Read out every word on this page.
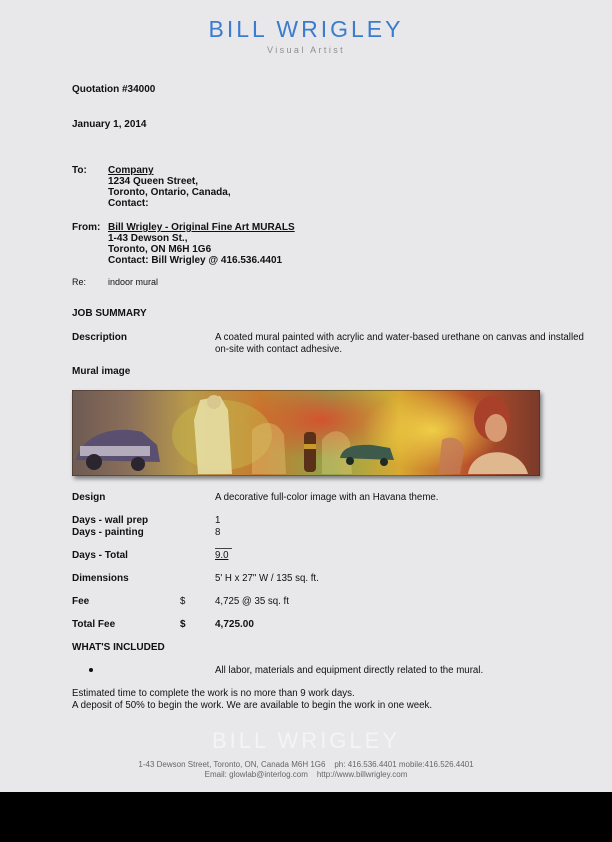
BILL WRIGLEY
Visual Artist
Quotation #34000
January 1, 2014
To: Company
1234 Queen Street,
Toronto, Ontario, Canada,
Contact:
From: Bill Wrigley - Original Fine Art MURALS
1-43 Dewson St.,
Toronto, ON M6H 1G6
Contact: Bill Wrigley @ 416.536.4401
Re: indoor mural
JOB SUMMARY
Description	A coated mural painted with acrylic and water-based urethane on canvas and installed
on-site with contact adhesive.
Mural image
Design	A decorative full-color image with an Havana theme.
Days - wall prep	1
Days - painting	8
Days - Total	9.0
Dimensions	5' H x 27" W / 135 sq. ft.
Fee	$	4,725 @ 35 sq. ft
Total Fee	$	4,725.00
WHAT'S INCLUDED
All labor, materials and equipment directly related to the mural.
Estimated time to complete the work is no more than 9 work days.
A deposit of 50% to begin the work. We are available to begin the work in one week.
BILL WRIGLEY
1-43 Dewson Street, Toronto, ON, Canada M6H 1G6 ph: 416.536.4401 mobile:416.526.4401
Email: glowlab@interlog.com http://www.billwrigley.com
